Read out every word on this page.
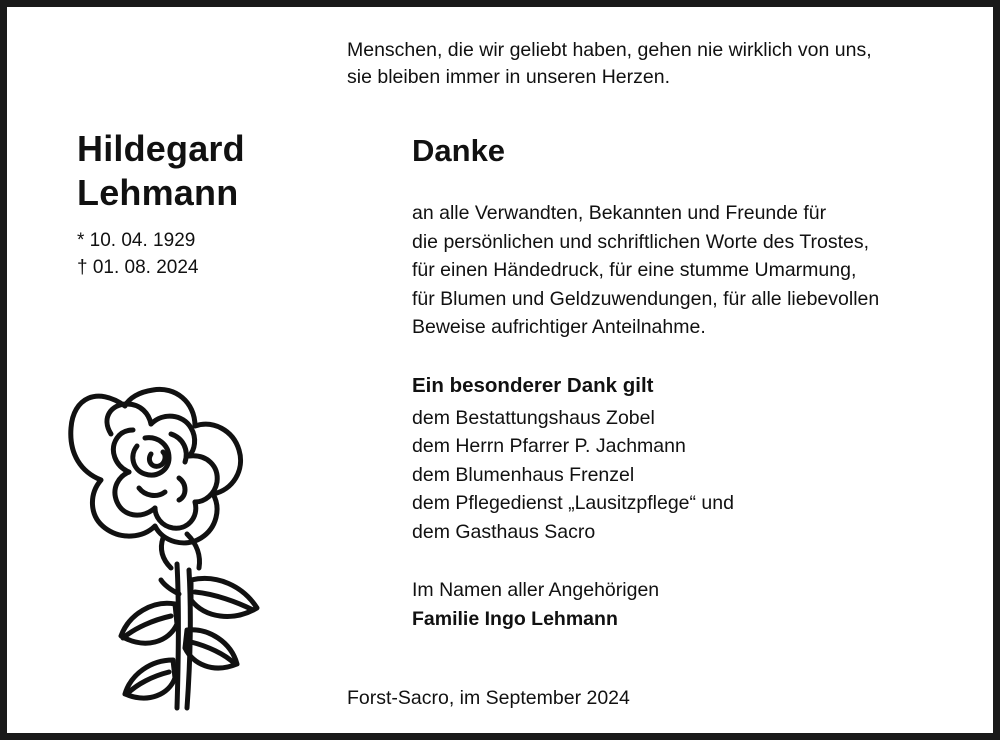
Menschen, die wir geliebt haben, gehen nie wirklich von uns,
sie bleiben immer in unseren Herzen.
Hildegard
Lehmann
* 10. 04. 1929
† 01. 08. 2024
Danke
an alle Verwandten, Bekannten und Freunde für
die persönlichen und schriftlichen Worte des Trostes,
für einen Händedruck, für eine stumme Umarmung,
für Blumen und Geldzuwendungen, für alle liebevollen
Beweise aufrichtiger Anteilnahme.
Ein besonderer Dank gilt
dem Bestattungshaus Zobel
dem Herrn Pfarrer P. Jachmann
dem Blumenhaus Frenzel
dem Pflegedienst „Lausitzpflege“ und
dem Gasthaus Sacro
Im Namen aller Angehörigen
Familie Ingo Lehmann
Forst-Sacro, im September 2024
